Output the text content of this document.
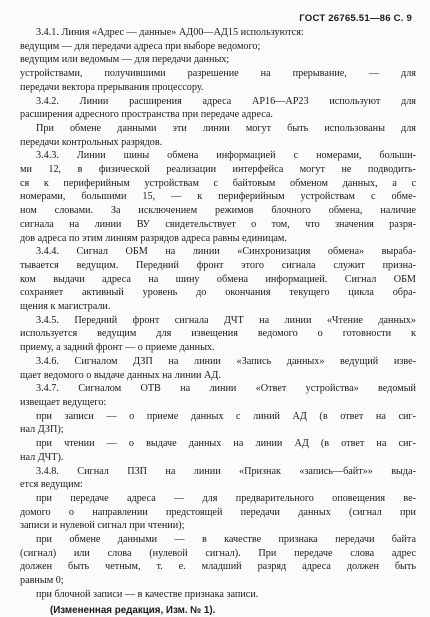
ГОСТ 26765.51—86 С. 9
3.4.1. Линия «Адрес — данные» АД00—АД15 используются:
ведущим — для передачи адреса при выборе ведомого;
ведущим или ведомым — для передачи данных;
устройствами, получившими разрешение на прерывание, — для
передачи вектора прерывания процессору.
3.4.2. Линии расширения адреса АР16—АР23 используют для
расширения адресного пространства при передаче адреса.
При обмене данными эти линии могут быть использованы для
передачи контрольных разрядов.
3.4.3. Линии шины обмена информацией с номерами, больши-
ми 12, в физической реализации интерфейса могут не подводить-
ся к периферийным устройствам с байтовым обменом данных, а с
номерами, большими 15, — к периферийным устройствам с обме-
ном словами. За исключением режимов блочного обмена, наличие
сигнала на линии ВУ свидетельствует о том, что значения разря-
дов адреса по этим линиям разрядов адреса равны единицам.
3.4.4. Сигнал ОБМ на линии «Синхронизация обмена» вырaба-
тывается ведущим. Передний фронт этого сигнала служит призна-
ком выдачи адреса на шину обмена информацией. Сигнал ОБМ
сохраняет активный уровень до окончания текущего цикла обра-
щения к магистрали.
3.4.5. Передний фронт сигнала ДЧТ на линии «Чтение данных»
используется ведущим для извещения ведомого о готовности к
приему, а задний фронт — о приеме данных.
3.4.6. Сигналом ДЗП на линии «Запись данных» ведущий изве-
щает ведомого о выдаче данных на линии АД.
3.4.7. Сигналом ОТВ на линии «Ответ устройства» ведомый
извещает ведущего:
при записи — о приеме данных с линий АД (в ответ на сиг-
нал ДЗП);
при чтении — о выдаче данных на линии АД (в ответ на сиг-
нал ДЧТ).
3.4.8. Сигнал ПЗП на линии «Признак «запись—байт»» выда-
ется ведущим:
при передаче адреса — для предварительного оповещения ве-
домого о направлении предстоящей передачи данных (сигнал при
записи и нулевой сигнал при чтении);
при обмене данными — в качестве признака передачи байта
(сигнал) или слова (нулевой сигнал). При передаче слова адрес
должен быть четным, т. е. младший разряд адреса должен быть
равным 0;
при блочной записи — в качестве признака записи.
(Измененная редакция, Изм. № 1).
